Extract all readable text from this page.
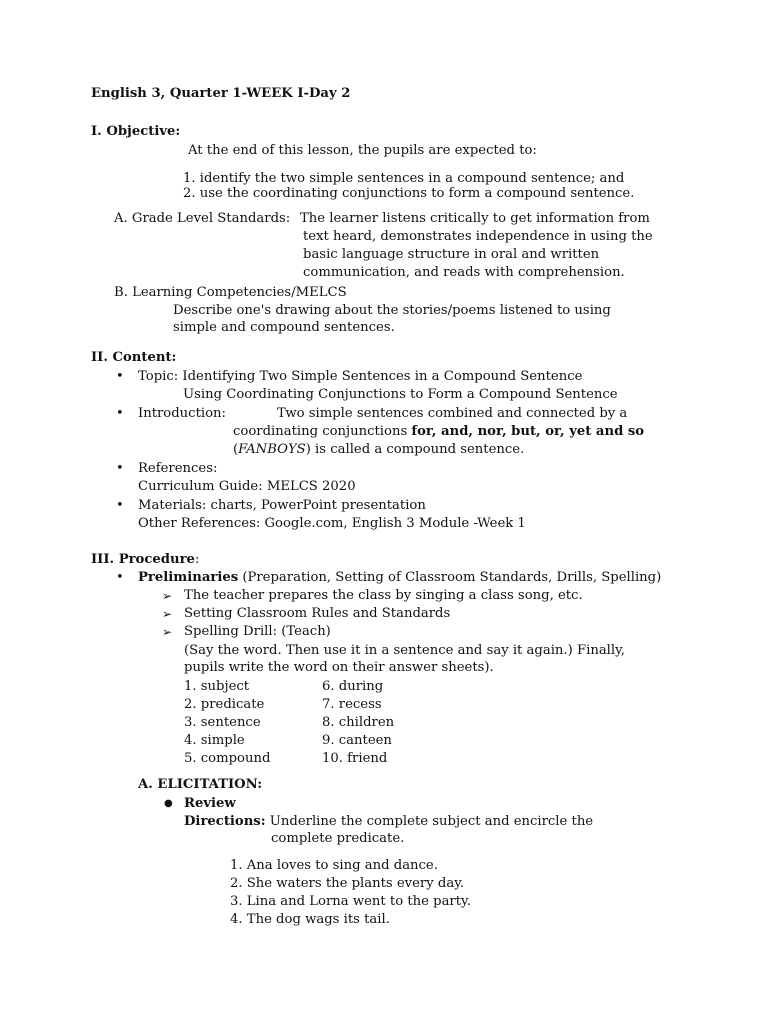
English 3, Quarter 1-WEEK I-Day 2
I. Objective:
At the end of this lesson, the pupils are expected to:
1. identify the two simple sentences in a compound sentence; and
2. use the coordinating conjunctions to form a compound sentence.
A. Grade Level Standards: The learner listens critically to get information from
text heard, demonstrates independence in using the
basic language structure in oral and written
communication, and reads with comprehension.
B. Learning Competencies/MELCS
Describe one's drawing about the stories/poems listened to using
simple and compound sentences.
II. Content:
• Topic: Identifying Two Simple Sentences in a Compound Sentence
Using Coordinating Conjunctions to Form a Compound Sentence
• Introduction:	Two simple sentences combined and connected by a
coordinating conjunctions for, and, nor, but, or, yet and so
(FANBOYS) is called a compound sentence.
• References:
Curriculum Guide: MELCS 2020
• Materials: charts, PowerPoint presentation
Other References: Google.com, English 3 Module -Week 1
III. Procedure:
• Preliminaries (Preparation, Setting of Classroom Standards, Drills, Spelling)
➢ The teacher prepares the class by singing a class song, etc.
➢ Setting Classroom Rules and Standards
➢ Spelling Drill: (Teach)
(Say the word. Then use it in a sentence and say it again.) Finally,
pupils write the word on their answer sheets).
1. subject
2. predicate
3. sentence
4. simple
5. compound
6. during
7. recess
8. children
9. canteen
10. friend
A. ELICITATION:
● Review
Directions: Underline the complete subject and encircle the
complete predicate.
1. Ana loves to sing and dance.
2. She waters the plants every day.
3. Lina and Lorna went to the party.
4. The dog wags its tail.
